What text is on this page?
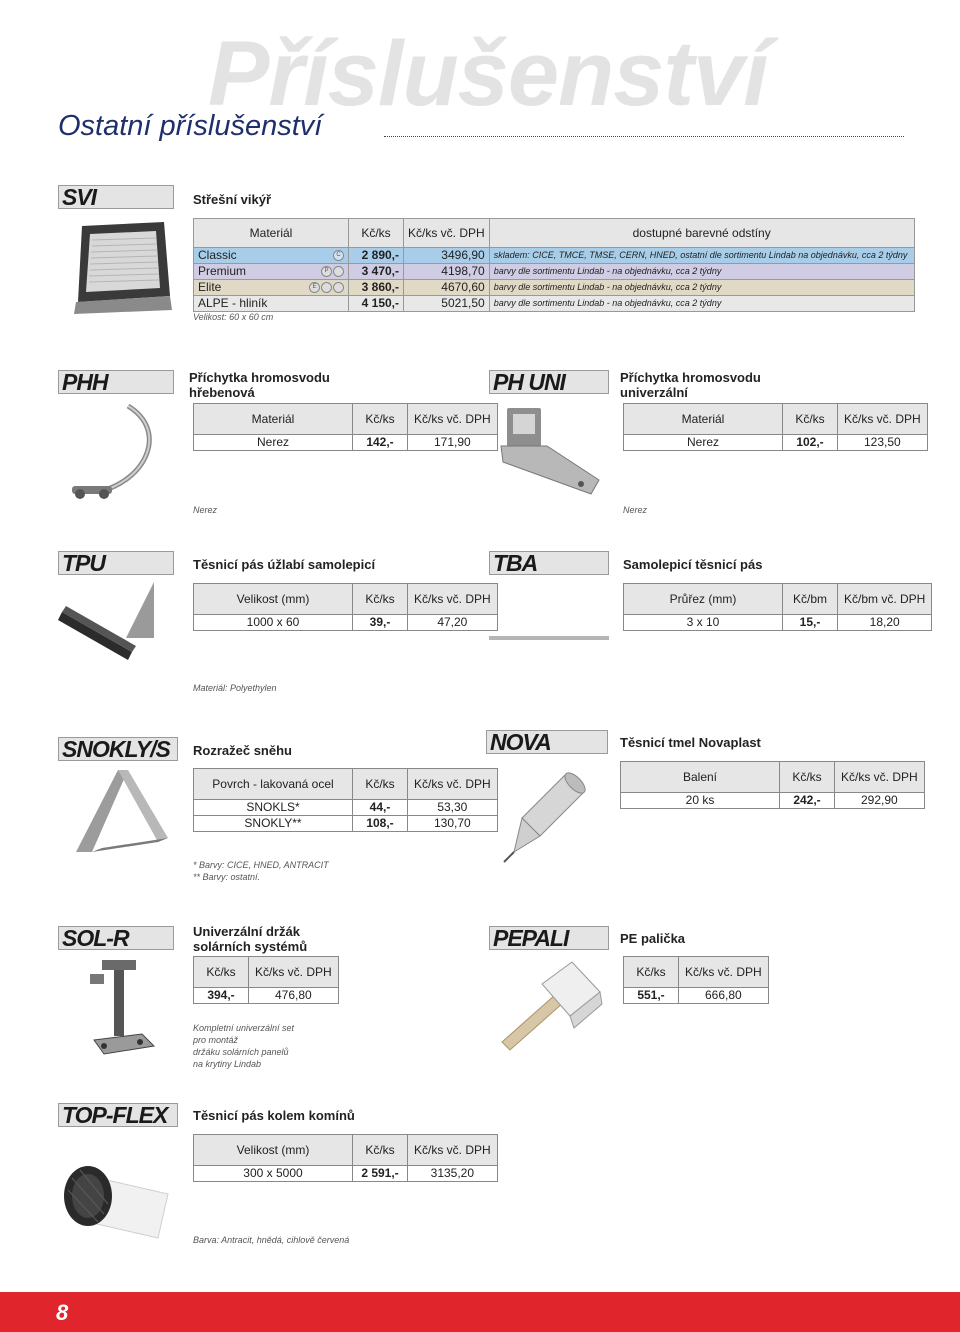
Příslušenství
Ostatní příslušenství
SVI	Střešní vikýř
Materiál	Kč/ks	Kč/ks vč. DPH	dostupné barevné odstíny
Classic C	2 890,-	3496,90	skladem: CICE, TMCE, TMSE, CERN, HNED, ostatní dle sortimentu Lindab na objednávku, cca 2 týdny
Premium P	3 470,-	4198,70	barvy dle sortimentu Lindab - na objednávku, cca 2 týdny
Elite E	3 860,-	4670,60	barvy dle sortimentu Lindab - na objednávku, cca 2 týdny
ALPE - hliník	4 150,-	5021,50	barvy dle sortimentu Lindab - na objednávku, cca 2 týdny
Velikost: 60 x 60 cm
PHH	Příchytka hromosvodu hřebenová
Materiál	Kč/ks	Kč/ks vč. DPH
Nerez	142,-	171,90
Nerez
PH UNI	Příchytka hromosvodu univerzální
Materiál	Kč/ks	Kč/ks vč. DPH
Nerez	102,-	123,50
Nerez
TPU	Těsnicí pás úžlabí samolepicí
Velikost (mm)	Kč/ks	Kč/ks vč. DPH
1000 x 60	39,-	47,20
Materiál: Polyethylen
TBA	Samolepicí těsnicí pás
Průřez (mm)	Kč/bm	Kč/bm vč. DPH
3 x 10	15,-	18,20
SNOKLY/S	Rozražeč sněhu
Povrch - lakovaná ocel	Kč/ks	Kč/ks vč. DPH
SNOKLS*	44,-	53,30
SNOKLY**	108,-	130,70
* Barvy: CICE, HNED, ANTRACIT
** Barvy: ostatní.
NOVA	Těsnicí tmel Novaplast
Balení	Kč/ks	Kč/ks vč. DPH
20 ks	242,-	292,90
SOL-R	Univerzální držák solárních systémů
Kč/ks	Kč/ks vč. DPH
394,-	476,80
Kompletní univerzální set
pro montáž
držáku solárních panelů
na krytiny Lindab
PEPALI	PE palička
Kč/ks	Kč/ks vč. DPH
551,-	666,80
TOP-FLEX	Těsnicí pás kolem komínů
Velikost (mm)	Kč/ks	Kč/ks vč. DPH
300 x 5000	2 591,-	3135,20
Barva: Antracit, hnědá, cihlově červená
8
